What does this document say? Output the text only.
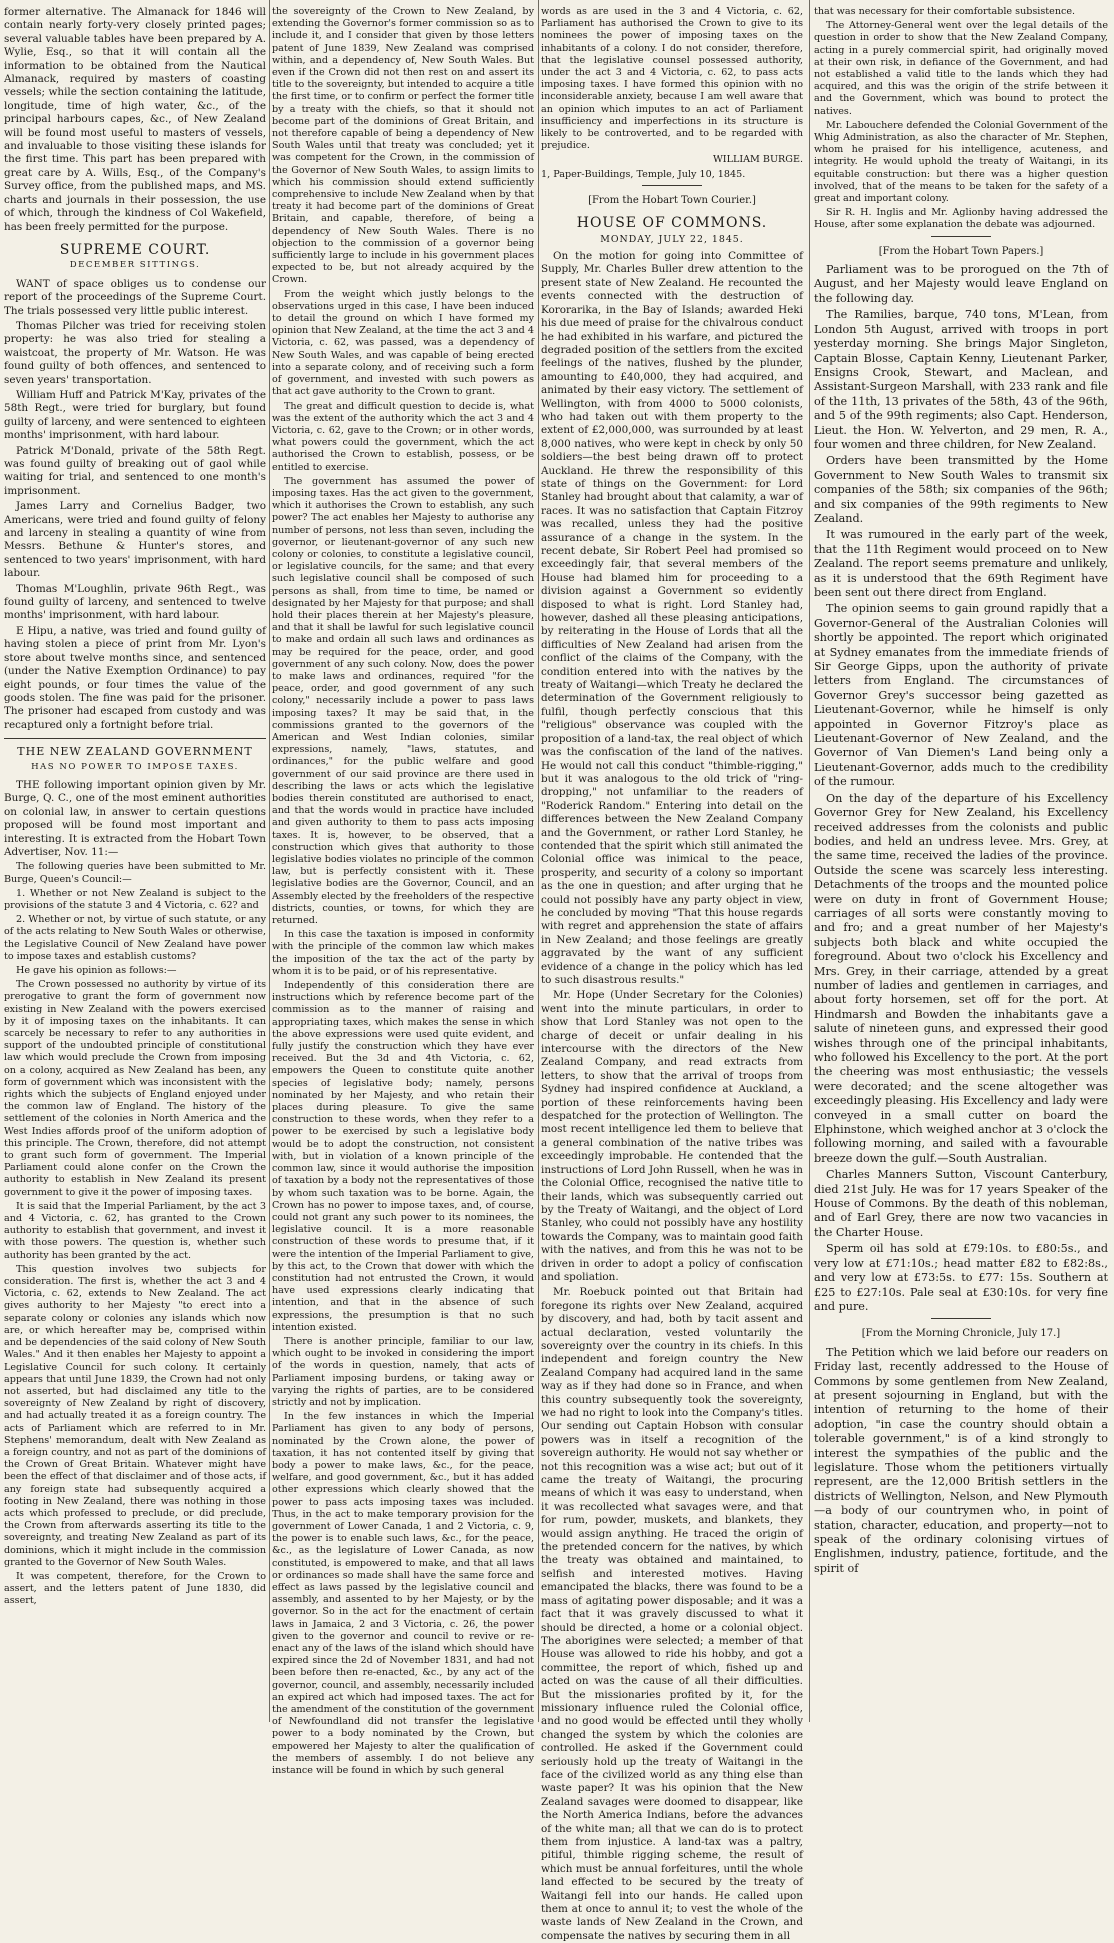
former alternative. The Almanack for 1846 will contain nearly forty-very closely printed pages; several valuable tables have been prepared by A. Wylie, Esq., so that it will contain all the information to be obtained from the Nautical Almanack, required by masters of coasting vessels; while the section containing the latitude, longitude, time of high water, &c., of the principal harbours capes, &c., of New Zealand will be found most useful to masters of vessels, and invaluable to those visiting these islands for the first time. This part has been prepared with great care by A. Wills, Esq., of the Company's Survey office, from the published maps, and MS. charts and journals in their possession, the use of which, through the kindness of Col Wakefield, has been freely permitted for the purpose.

SUPREME COURT.
DECEMBER SITTINGS.

WANT of space obliges us to condense our report of the proceedings of the Supreme Court. The trials possessed very little public interest.

Thomas Pilcher was tried for receiving stolen property: he was also tried for stealing a waistcoat, the property of Mr. Watson. He was found guilty of both offences, and sentenced to seven years' transportation.

William Huff and Patrick M'Kay, privates of the 58th Regt., were tried for burglary, but found guilty of larceny, and were sentenced to eighteen months' imprisonment, with hard labour.

Patrick M'Donald, private of the 58th Regt. was found guilty of breaking out of gaol while waiting for trial, and sentenced to one month's imprisonment.

James Larry and Cornelius Badger, two Americans, were tried and found guilty of felony and larceny in stealing a quantity of wine from Messrs. Bethune & Hunter's stores, and sentenced to two years' imprisonment, with hard labour.

Thomas M'Loughlin, private 96th Regt., was found guilty of larceny, and sentenced to twelve months' imprisonment, with hard labour.

E Hipu, a native, was tried and found guilty of having stolen a piece of print from Mr. Lyon's store about twelve months since, and sentenced (under the Native Exemption Ordinance) to pay eight pounds, or four times the value of the goods stolen. The fine was paid for the prisoner. The prisoner had escaped from custody and was recaptured only a fortnight before trial.

THE NEW ZEALAND GOVERNMENT
HAS NO POWER TO IMPOSE TAXES.

THE following important opinion given by Mr. Burge, Q. C., one of the most eminent authorities on colonial law, in answer to certain questions proposed will be found most important and interesting. It is extracted from the Hobart Town Advertiser, Nov. 11:—

The following queries have been submitted to Mr. Burge, Queen's Council:—

1. Whether or not New Zealand is subject to the provisions of the statute 3 and 4 Victoria, c. 62? and

2. Whether or not, by virtue of such statute, or any of the acts relating to New South Wales or otherwise, the Legislative Council of New Zealand have power to impose taxes and establish customs?

He gave his opinion as follows:—

The Crown possessed no authority by virtue of its prerogative to grant the form of government now existing in New Zealand with the powers exercised by it of imposing taxes on the inhabitants. It can scarcely be necessary to refer to any authorities in support of the undoubted principle of constitutional law which would preclude the Crown from imposing on a colony, acquired as New Zealand has been, any form of government which was inconsistent with the rights which the subjects of England enjoyed under the common law of England. The history of the settlement of the colonies in North America and the West Indies affords proof of the uniform adoption of this principle. The Crown, therefore, did not attempt to grant such form of government. The Imperial Parliament could alone confer on the Crown the authority to establish in New Zealand its present government to give it the power of imposing taxes.

It is said that the Imperial Parliament, by the act 3 and 4 Victoria, c. 62, has granted to the Crown authority to establish that government, and invest it with those powers. The question is, whether such authority has been granted by the act.

This question involves two subjects for consideration. The first is, whether the act 3 and 4 Victoria, c. 62, extends to New Zealand. The act gives authority to her Majesty "to erect into a separate colony or colonies any islands which now are, or which hereafter may be, comprised within and be dependencies of the said colony of New South Wales." And it then enables her Majesty to appoint a Legislative Council for such colony. It certainly appears that until June 1839, the Crown had not only not asserted, but had disclaimed any title to the sovereignty of New Zealand by right of discovery, and had actually treated it as a foreign country. The acts of Parliament which are referred to in Mr. Stephens' memorandum, dealt with New Zealand as a foreign country, and not as part of the dominions of the Crown of Great Britain. Whatever might have been the effect of that disclaimer and of those acts, if any foreign state had subsequently acquired a footing in New Zealand, there was nothing in those acts which professed to preclude, or did preclude, the Crown from afterwards asserting its title to the sovereignty, and treating New Zealand as part of its dominions, which it might include in the commission granted to the Governor of New South Wales.

It was competent, therefore, for the Crown to assert, and the letters patent of June 1830, did assert,

the sovereignty of the Crown to New Zealand, by extending the Governor's former commission so as to include it, and I consider that given by those letters patent of June 1839, New Zealand was comprised within, and a dependency of, New South Wales. But even if the Crown did not then rest on and assert its title to the sovereignty, but intended to acquire a title the first time, or to confirm or perfect the former title by a treaty with the chiefs, so that it should not become part of the dominions of Great Britain, and not therefore capable of being a dependency of New South Wales until that treaty was concluded; yet it was competent for the Crown, in the commission of the Governor of New South Wales, to assign limits to which his commission should extend sufficiently comprehensive to include New Zealand when by that treaty it had become part of the dominions of Great Britain, and capable, therefore, of being a dependency of New South Wales. There is no objection to the commission of a governor being sufficiently large to include in his government places expected to be, but not already acquired by the Crown.

From the weight which justly belongs to the observations urged in this case, I have been induced to detail the ground on which I have formed my opinion that New Zealand, at the time the act 3 and 4 Victoria, c. 62, was passed, was a dependency of New South Wales, and was capable of being erected into a separate colony, and of receiving such a form of government, and invested with such powers as that act gave authority to the Crown to grant.

The great and difficult question to decide is, what was the extent of the authority which the act 3 and 4 Victoria, c. 62, gave to the Crown; or in other words, what powers could the government, which the act authorised the Crown to establish, possess, or be entitled to exercise.

The government has assumed the power of imposing taxes. Has the act given to the government, which it authorises the Crown to establish, any such power? The act enables her Majesty to authorise any number of persons, not less than seven, including the governor, or lieutenant-governor of any such new colony or colonies, to constitute a legislative council, or legislative councils, for the same; and that every such legislative council shall be composed of such persons as shall, from time to time, be named or designated by her Majesty for that purpose; and shall hold their places therein at her Majesty's pleasure, and that it shall be lawful for such legislative council to make and ordain all such laws and ordinances as may be required for the peace, order, and good government of any such colony. Now, does the power to make laws and ordinances, required "for the peace, order, and good government of any such colony," necessarily include a power to pass laws imposing taxes? It may be said that, in the commissions granted to the governors of the American and West Indian colonies, similar expressions, namely, "laws, statutes, and ordinances," for the public welfare and good government of our said province are there used in describing the laws or acts which the legislative bodies therein constituted are authorised to enact, and that the words would in practice have included and given authority to them to pass acts imposing taxes. It is, however, to be observed, that a construction which gives that authority to those legislative bodies violates no principle of the common law, but is perfectly consistent with it. These legislative bodies are the Governor, Council, and an Assembly elected by the freeholders of the respective districts, counties, or towns, for which they are returned.

In this case the taxation is imposed in conformity with the principle of the common law which makes the imposition of the tax the act of the party by whom it is to be paid, or of his representative.

Independently of this consideration there are instructions which by reference become part of the commission as to the manner of raising and appropriating taxes, which makes the sense in which the above expressions were used quite evident, and fully justify the construction which they have ever received. But the 3d and 4th Victoria, c. 62, empowers the Queen to constitute quite another species of legislative body; namely, persons nominated by her Majesty, and who retain their places during pleasure. To give the same construction to these words, when they refer to a power to be exercised by such a legislative body would be to adopt the construction, not consistent with, but in violation of a known principle of the common law, since it would authorise the imposition of taxation by a body not the representatives of those by whom such taxation was to be borne. Again, the Crown has no power to impose taxes, and, of course, could not grant any such power to its nominees, the legislative council. It is a more reasonable construction of these words to presume that, if it were the intention of the Imperial Parliament to give, by this act, to the Crown that dower with which the constitution had not entrusted the Crown, it would have used expressions clearly indicating that intention, and that in the absence of such expressions, the presumption is that no such intention existed.

There is another principle, familiar to our law, which ought to be invoked in considering the import of the words in question, namely, that acts of Parliament imposing burdens, or taking away or varying the rights of parties, are to be considered strictly and not by implication.

In the few instances in which the Imperial Parliament has given to any body of persons, nominated by the Crown alone, the power of taxation, it has not contented itself by giving that body a power to make laws, &c., for the peace, welfare, and good government, &c., but it has added other expressions which clearly showed that the power to pass acts imposing taxes was included. Thus, in the act to make temporary provision for the government of Lower Canada, 1 and 2 Victoria, c. 9, the power is to enable such laws, &c., for the peace, &c., as the legislature of Lower Canada, as now constituted, is empowered to make, and that all laws or ordinances so made shall have the same force and effect as laws passed by the legislative council and assembly, and assented to by her Majesty, or by the governor. So in the act for the enactment of certain laws in Jamaica, 2 and 3 Victoria, c. 26, the power given to the governor and council to revive or re-enact any of the laws of the island which should have expired since the 2d of November 1831, and had not been before then re-enacted, &c., by any act of the governor, council, and assembly, necessarily included an expired act which had imposed taxes. The act for the amendment of the constitution of the government of Newfoundland did not transfer the legislative power to a body nominated by the Crown, but empowered her Majesty to alter the qualification of the members of assembly. I do not believe any instance will be found in which by such general

words as are used in the 3 and 4 Victoria, c. 62, Parliament has authorised the Crown to give to its nominees the power of imposing taxes on the inhabitants of a colony. I do not consider, therefore, that the legislative counsel possessed authority, under the act 3 and 4 Victoria, c. 62, to pass acts imposing taxes. I have formed this opinion with no inconsiderable anxiety, because I am well aware that an opinion which imputes to an act of Parliament insufficiency and imperfections in its structure is likely to be controverted, and to be regarded with prejudice.

WILLIAM BURGE.

1, Paper-Buildings, Temple, July 10, 1845.

[From the Hobart Town Courier.]
HOUSE OF COMMONS.
MONDAY, JULY 22, 1845.

On the motion for going into Committee of Supply, Mr. Charles Buller drew attention to the present state of New Zealand. He recounted the events connected with the destruction of Kororarika, in the Bay of Islands; awarded Heki his due meed of praise for the chivalrous conduct he had exhibited in his warfare, and pictured the degraded position of the settlers from the excited feelings of the natives, flushed by the plunder, amounting to £40,000, they had acquired, and animated by their easy victory. The settlement of Wellington, with from 4000 to 5000 colonists, who had taken out with them property to the extent of £2,000,000, was surrounded by at least 8,000 natives, who were kept in check by only 50 soldiers—the best being drawn off to protect Auckland. He threw the responsibility of this state of things on the Government: for Lord Stanley had brought about that calamity, a war of races. It was no satisfaction that Captain Fitzroy was recalled, unless they had the positive assurance of a change in the system. In the recent debate, Sir Robert Peel had promised so exceedingly fair, that several members of the House had blamed him for proceeding to a division against a Government so evidently disposed to what is right. Lord Stanley had, however, dashed all these pleasing anticipations, by reiterating in the House of Lords that all the difficulties of New Zealand had arisen from the conflict of the claims of the Company, with the condition entered into with the natives by the treaty of Waitangi—which Treaty he declared the determination of the Government religiously to fulfil, though perfectly conscious that this "religious" observance was coupled with the proposition of a land-tax, the real object of which was the confiscation of the land of the natives. He would not call this conduct "thimble-rigging," but it was analogous to the old trick of "ring-dropping," not unfamiliar to the readers of "Roderick Random." Entering into detail on the differences between the New Zealand Company and the Government, or rather Lord Stanley, he contended that the spirit which still animated the Colonial office was inimical to the peace, prosperity, and security of a colony so important as the one in question; and after urging that he could not possibly have any party object in view, he concluded by moving "That this house regards with regret and apprehension the state of affairs in New Zealand; and those feelings are greatly aggravated by the want of any sufficient evidence of a change in the policy which has led to such disastrous results."

Mr. Hope (Under Secretary for the Colonies) went into the minute particulars, in order to show that Lord Stanley was not open to the charge of deceit or unfair dealing in his intercourse with the directors of the New Zealand Company, and read extracts from letters, to show that the arrival of troops from Sydney had inspired confidence at Auckland, a portion of these reinforcements having been despatched for the protection of Wellington. The most recent intelligence led them to believe that a general combination of the native tribes was exceedingly improbable. He contended that the instructions of Lord John Russell, when he was in the Colonial Office, recognised the native title to their lands, which was subsequently carried out by the Treaty of Waitangi, and the object of Lord Stanley, who could not possibly have any hostility towards the Company, was to maintain good faith with the natives, and from this he was not to be driven in order to adopt a policy of confiscation and spoliation.

Mr. Roebuck pointed out that Britain had foregone its rights over New Zealand, acquired by discovery, and had, both by tacit assent and actual declaration, vested voluntarily the sovereignty over the country in its chiefs. In this independent and foreign country the New Zealand Company had acquired land in the same way as if they had done so in France, and when this country subsequently took the sovereignty, we had no right to look into the Company's titles. Our sending out Captain Hobson with consular powers was in itself a recognition of the sovereign authority. He would not say whether or not this recognition was a wise act; but out of it came the treaty of Waitangi, the procuring means of which it was easy to understand, when it was recollected what savages were, and that for rum, powder, muskets, and blankets, they would assign anything. He traced the origin of the pretended concern for the natives, by which the treaty was obtained and maintained, to selfish and interested motives. Having emancipated the blacks, there was found to be a mass of agitating power disposable; and it was a fact that it was gravely discussed to what it should be directed, a home or a colonial object. The aborigines were selected; a member of that House was allowed to ride his hobby, and got a committee, the report of which, fished up and acted on was the cause of all their difficulties. But the missionaries profited by it, for the missionary influence ruled the Colonial office, and no good would be effected until they wholly changed the system by which the colonies are controlled. He asked if the Government could seriously hold up the treaty of Waitangi in the face of the civilized world as any thing else than waste paper? It was his opinion that the New Zealand savages were doomed to disappear, like the North America Indians, before the advances of the white man; all that we can do is to protect them from injustice. A land-tax was a paltry, pitiful, thimble rigging scheme, the result of which must be annual forfeitures, until the whole land effected to be secured by the treaty of Waitangi fell into our hands. He called upon them at once to annul it; to vest the whole of the waste lands of New Zealand in the Crown, and compensate the natives by securing them in all

that was necessary for their comfortable subsistence.

The Attorney-General went over the legal details of the question in order to show that the New Zealand Company, acting in a purely commercial spirit, had originally moved at their own risk, in defiance of the Government, and had not established a valid title to the lands which they had acquired, and this was the origin of the strife between it and the Government, which was bound to protect the natives.

Mr. Labouchere defended the Colonial Government of the Whig Administration, as also the character of Mr. Stephen, whom he praised for his intelligence, acuteness, and integrity. He would uphold the treaty of Waitangi, in its equitable construction: but there was a higher question involved, that of the means to be taken for the safety of a great and important colony.

Sir R. H. Inglis and Mr. Aglionby having addressed the House, after some explanation the debate was adjourned.

[From the Hobart Town Papers.]

Parliament was to be prorogued on the 7th of August, and her Majesty would leave England on the following day.

The Ramilies, barque, 740 tons, M'Lean, from London 5th August, arrived with troops in port yesterday morning. She brings Major Singleton, Captain Blosse, Captain Kenny, Lieutenant Parker, Ensigns Crook, Stewart, and Maclean, and Assistant-Surgeon Marshall, with 233 rank and file of the 11th, 13 privates of the 58th, 43 of the 96th, and 5 of the 99th regiments; also Capt. Henderson, Lieut. the Hon. W. Yelverton, and 29 men, R. A., four women and three children, for New Zealand.

Orders have been transmitted by the Home Government to New South Wales to transmit six companies of the 58th; six companies of the 96th; and six companies of the 99th regiments to New Zealand.

It was rumoured in the early part of the week, that the 11th Regiment would proceed on to New Zealand. The report seems premature and unlikely, as it is understood that the 69th Regiment have been sent out there direct from England.

The opinion seems to gain ground rapidly that a Governor-General of the Australian Colonies will shortly be appointed. The report which originated at Sydney emanates from the immediate friends of Sir George Gipps, upon the authority of private letters from England. The circumstances of Governor Grey's successor being gazetted as Lieutenant-Governor, while he himself is only appointed in Governor Fitzroy's place as Lieutenant-Governor of New Zealand, and the Governor of Van Diemen's Land being only a Lieutenant-Governor, adds much to the credibility of the rumour.

On the day of the departure of his Excellency Governor Grey for New Zealand, his Excellency received addresses from the colonists and public bodies, and held an undress levee. Mrs. Grey, at the same time, received the ladies of the province. Outside the scene was scarcely less interesting. Detachments of the troops and the mounted police were on duty in front of Government House; carriages of all sorts were constantly moving to and fro; and a great number of her Majesty's subjects both black and white occupied the foreground. About two o'clock his Excellency and Mrs. Grey, in their carriage, attended by a great number of ladies and gentlemen in carriages, and about forty horsemen, set off for the port. At Hindmarsh and Bowden the inhabitants gave a salute of nineteen guns, and expressed their good wishes through one of the principal inhabitants, who followed his Excellency to the port. At the port the cheering was most enthusiastic; the vessels were decorated; and the scene altogether was exceedingly pleasing. His Excellency and lady were conveyed in a small cutter on board the Elphinstone, which weighed anchor at 3 o'clock the following morning, and sailed with a favourable breeze down the gulf.—South Australian.

Charles Manners Sutton, Viscount Canterbury, died 21st July. He was for 17 years Speaker of the House of Commons. By the death of this nobleman, and of Earl Grey, there are now two vacancies in the Charter House.

Sperm oil has sold at £79:10s. to £80:5s., and very low at £71:10s.; head matter £82 to £82:8s., and very low at £73:5s. to £77: 15s. Southern at £25 to £27:10s. Pale seal at £30:10s. for very fine and pure.

[From the Morning Chronicle, July 17.]

The Petition which we laid before our readers on Friday last, recently addressed to the House of Commons by some gentlemen from New Zealand, at present sojourning in England, but with the intention of returning to the home of their adoption, "in case the country should obtain a tolerable government," is of a kind strongly to interest the sympathies of the public and the legislature. Those whom the petitioners virtually represent, are the 12,000 British settlers in the districts of Wellington, Nelson, and New Plymouth—a body of our countrymen who, in point of station, character, education, and property—not to speak of the ordinary colonising virtues of Englishmen, industry, patience, fortitude, and the spirit of
